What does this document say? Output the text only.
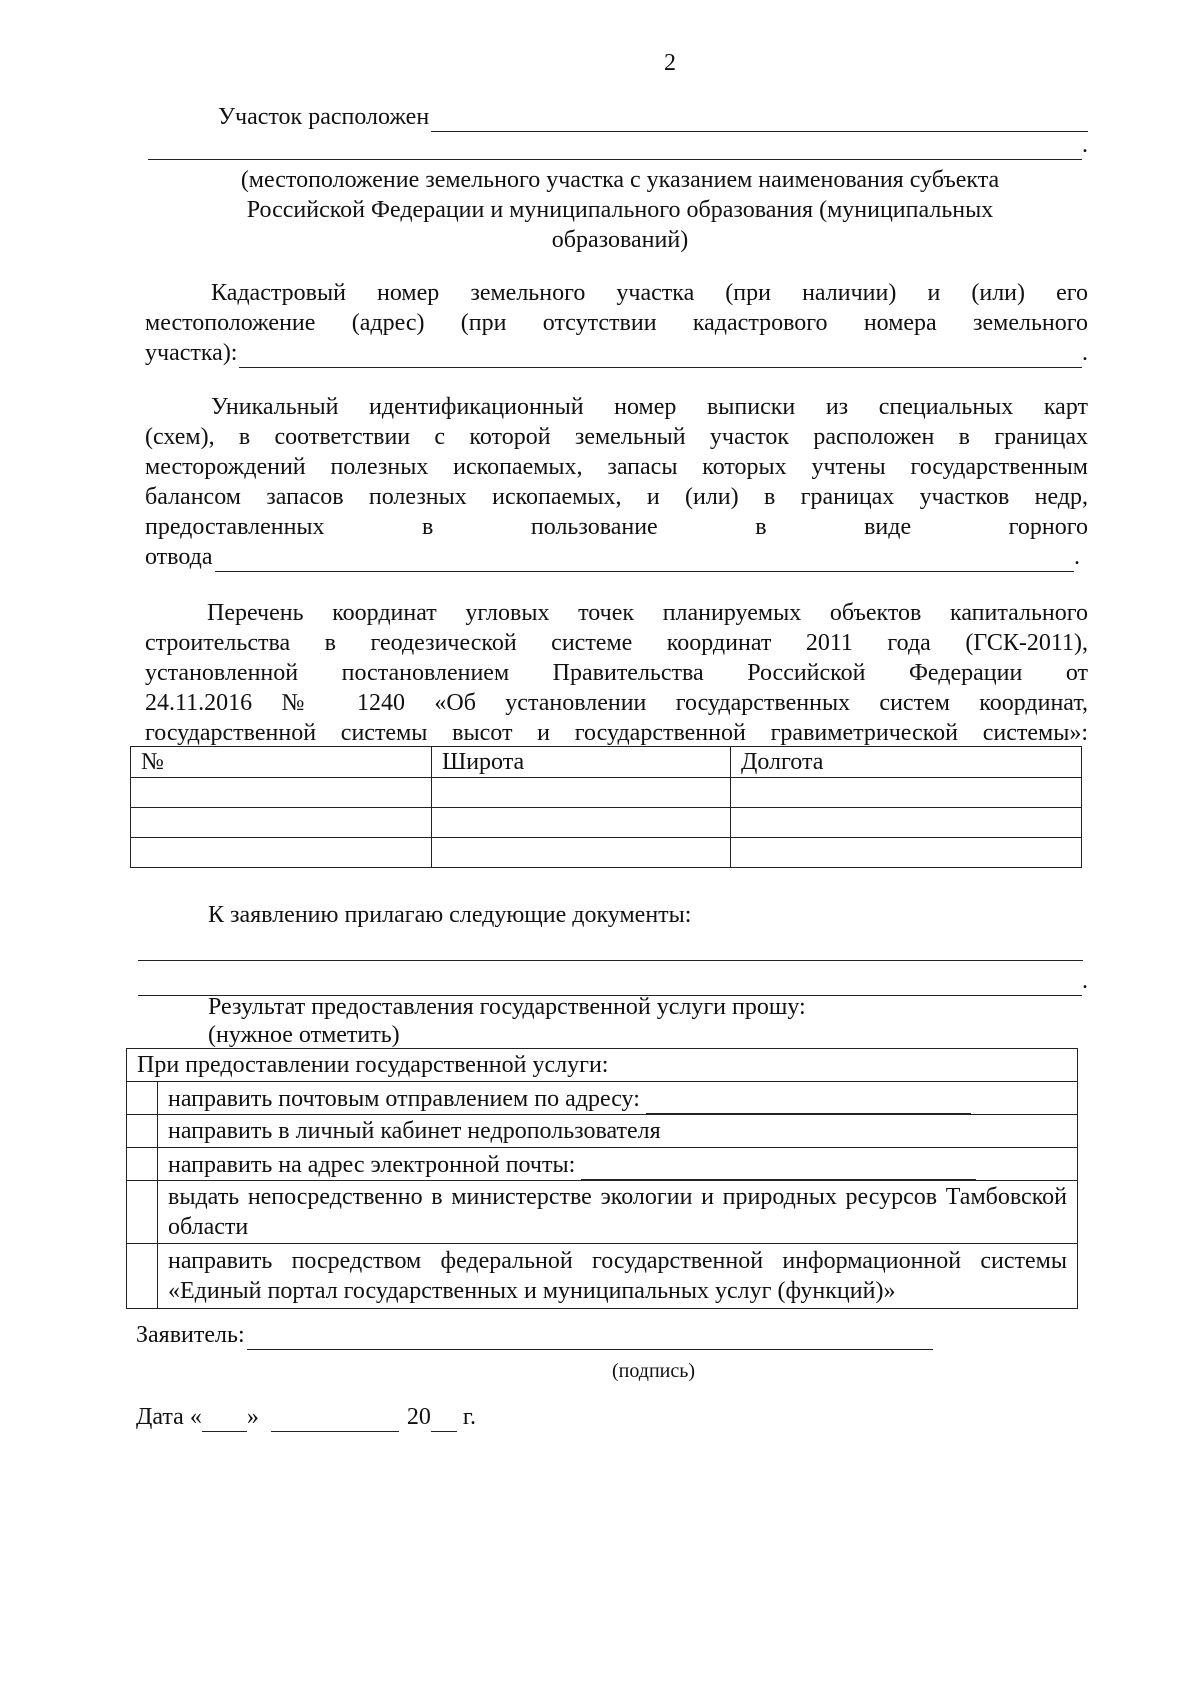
2
Участок расположен
.
(местоположение земельного участка с указанием наименования субъекта Российской Федерации и муниципального образования (муниципальных образований)
Кадастровый номер земельного участка (при наличии) и (или) его
местоположение (адрес) (при отсутствии кадастрового номера земельного
участка):	.
Уникальный идентификационный номер выписки из специальных карт
(схем), в соответствии с которой земельный участок расположен в границах
месторождений полезных ископаемых, запасы которых учтены государственным
балансом запасов полезных ископаемых, и (или) в границах участков недр,
предоставленных в пользование в виде горного
отвода	.
Перечень координат угловых точек планируемых объектов капитального
строительства в геодезической системе координат 2011 года (ГСК-2011),
установленной постановлением Правительства Российской Федерации от
24.11.2016 № 1240 «Об установлении государственных систем координат,
государственной системы высот и государственной гравиметрической системы»:
№	Широта	Долгота

К заявлению прилагаю следующие документы:
.
Результат предоставления государственной услуги прошу:
(нужное отметить)
При предоставлении государственной услуги:
направить почтовым отправлением по адресу:
направить в личный кабинет недропользователя
направить на адрес электронной почты:
выдать непосредственно в министерстве экологии и природных ресурсов Тамбовской области
направить посредством федеральной государственной информационной системы «Единый портал государственных и муниципальных услуг (функций)»
Заявитель:
(подпись)
Дата « »	20 г.
